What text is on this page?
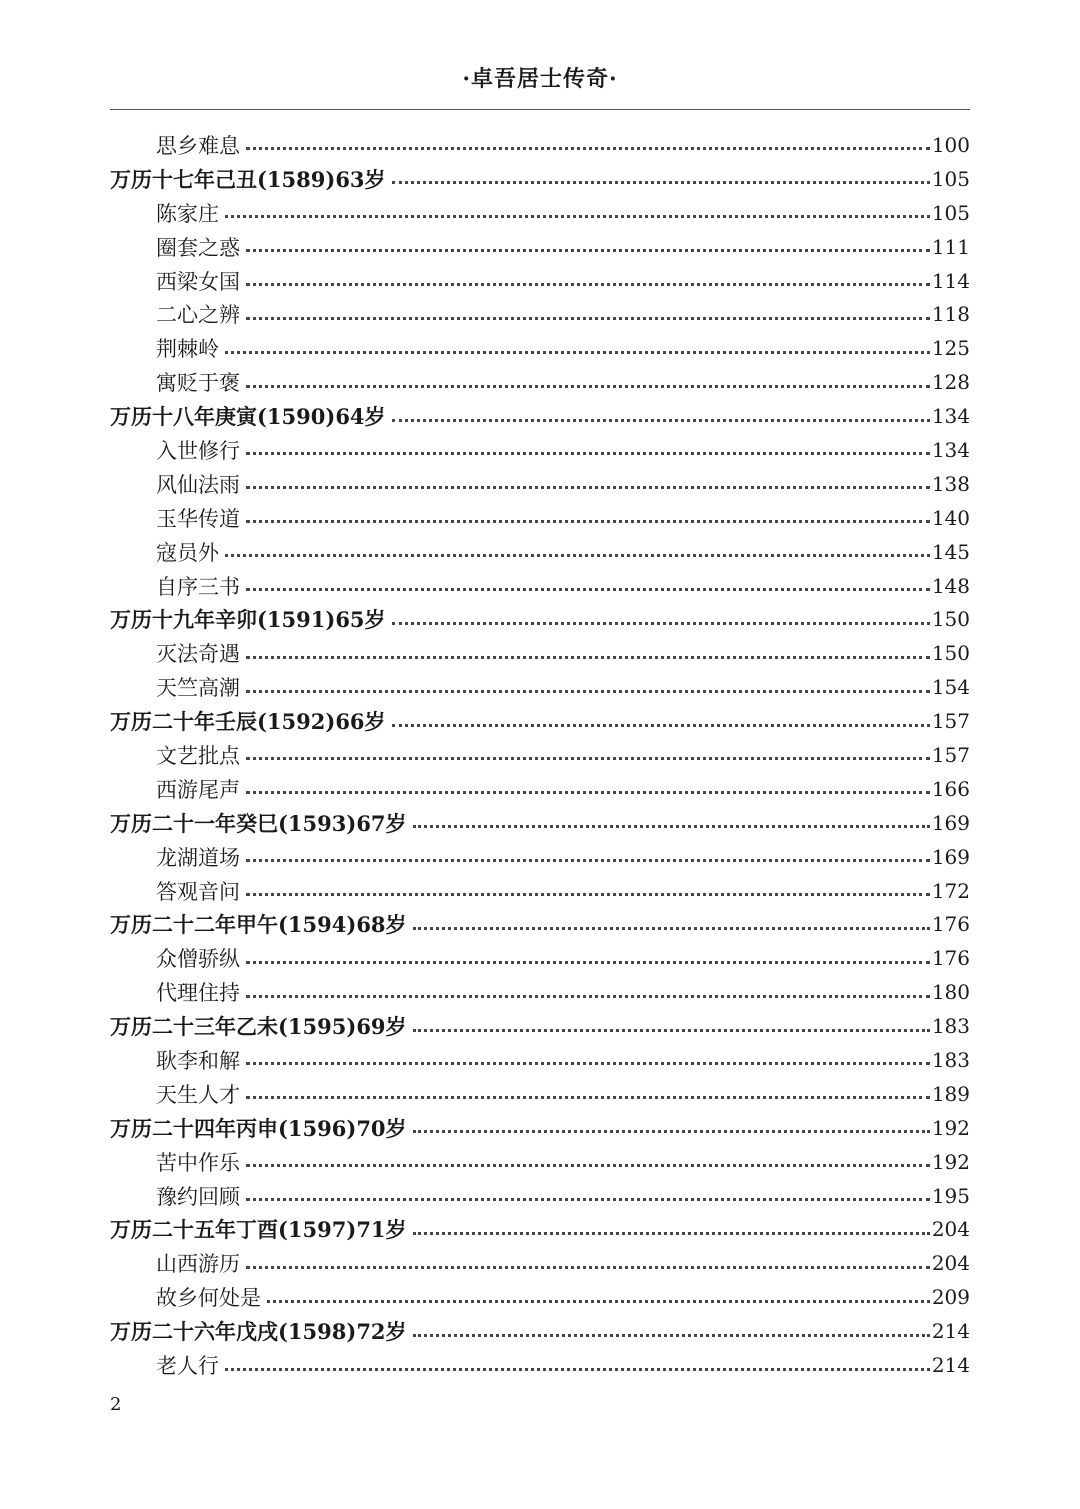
·卓吾居士传奇·
思乡难息	100
万历十七年己丑(1589)63岁	105
陈家庄	105
圈套之惑	111
西梁女国	114
二心之辨	118
荆棘岭	125
寓贬于褒	128
万历十八年庚寅(1590)64岁	134
入世修行	134
风仙法雨	138
玉华传道	140
寇员外	145
自序三书	148
万历十九年辛卯(1591)65岁	150
灭法奇遇	150
天竺高潮	154
万历二十年壬辰(1592)66岁	157
文艺批点	157
西游尾声	166
万历二十一年癸巳(1593)67岁	169
龙湖道场	169
答观音问	172
万历二十二年甲午(1594)68岁	176
众僧骄纵	176
代理住持	180
万历二十三年乙未(1595)69岁	183
耿李和解	183
天生人才	189
万历二十四年丙申(1596)70岁	192
苦中作乐	192
豫约回顾	195
万历二十五年丁酉(1597)71岁	204
山西游历	204
故乡何处是	209
万历二十六年戊戌(1598)72岁	214
老人行	214
2
